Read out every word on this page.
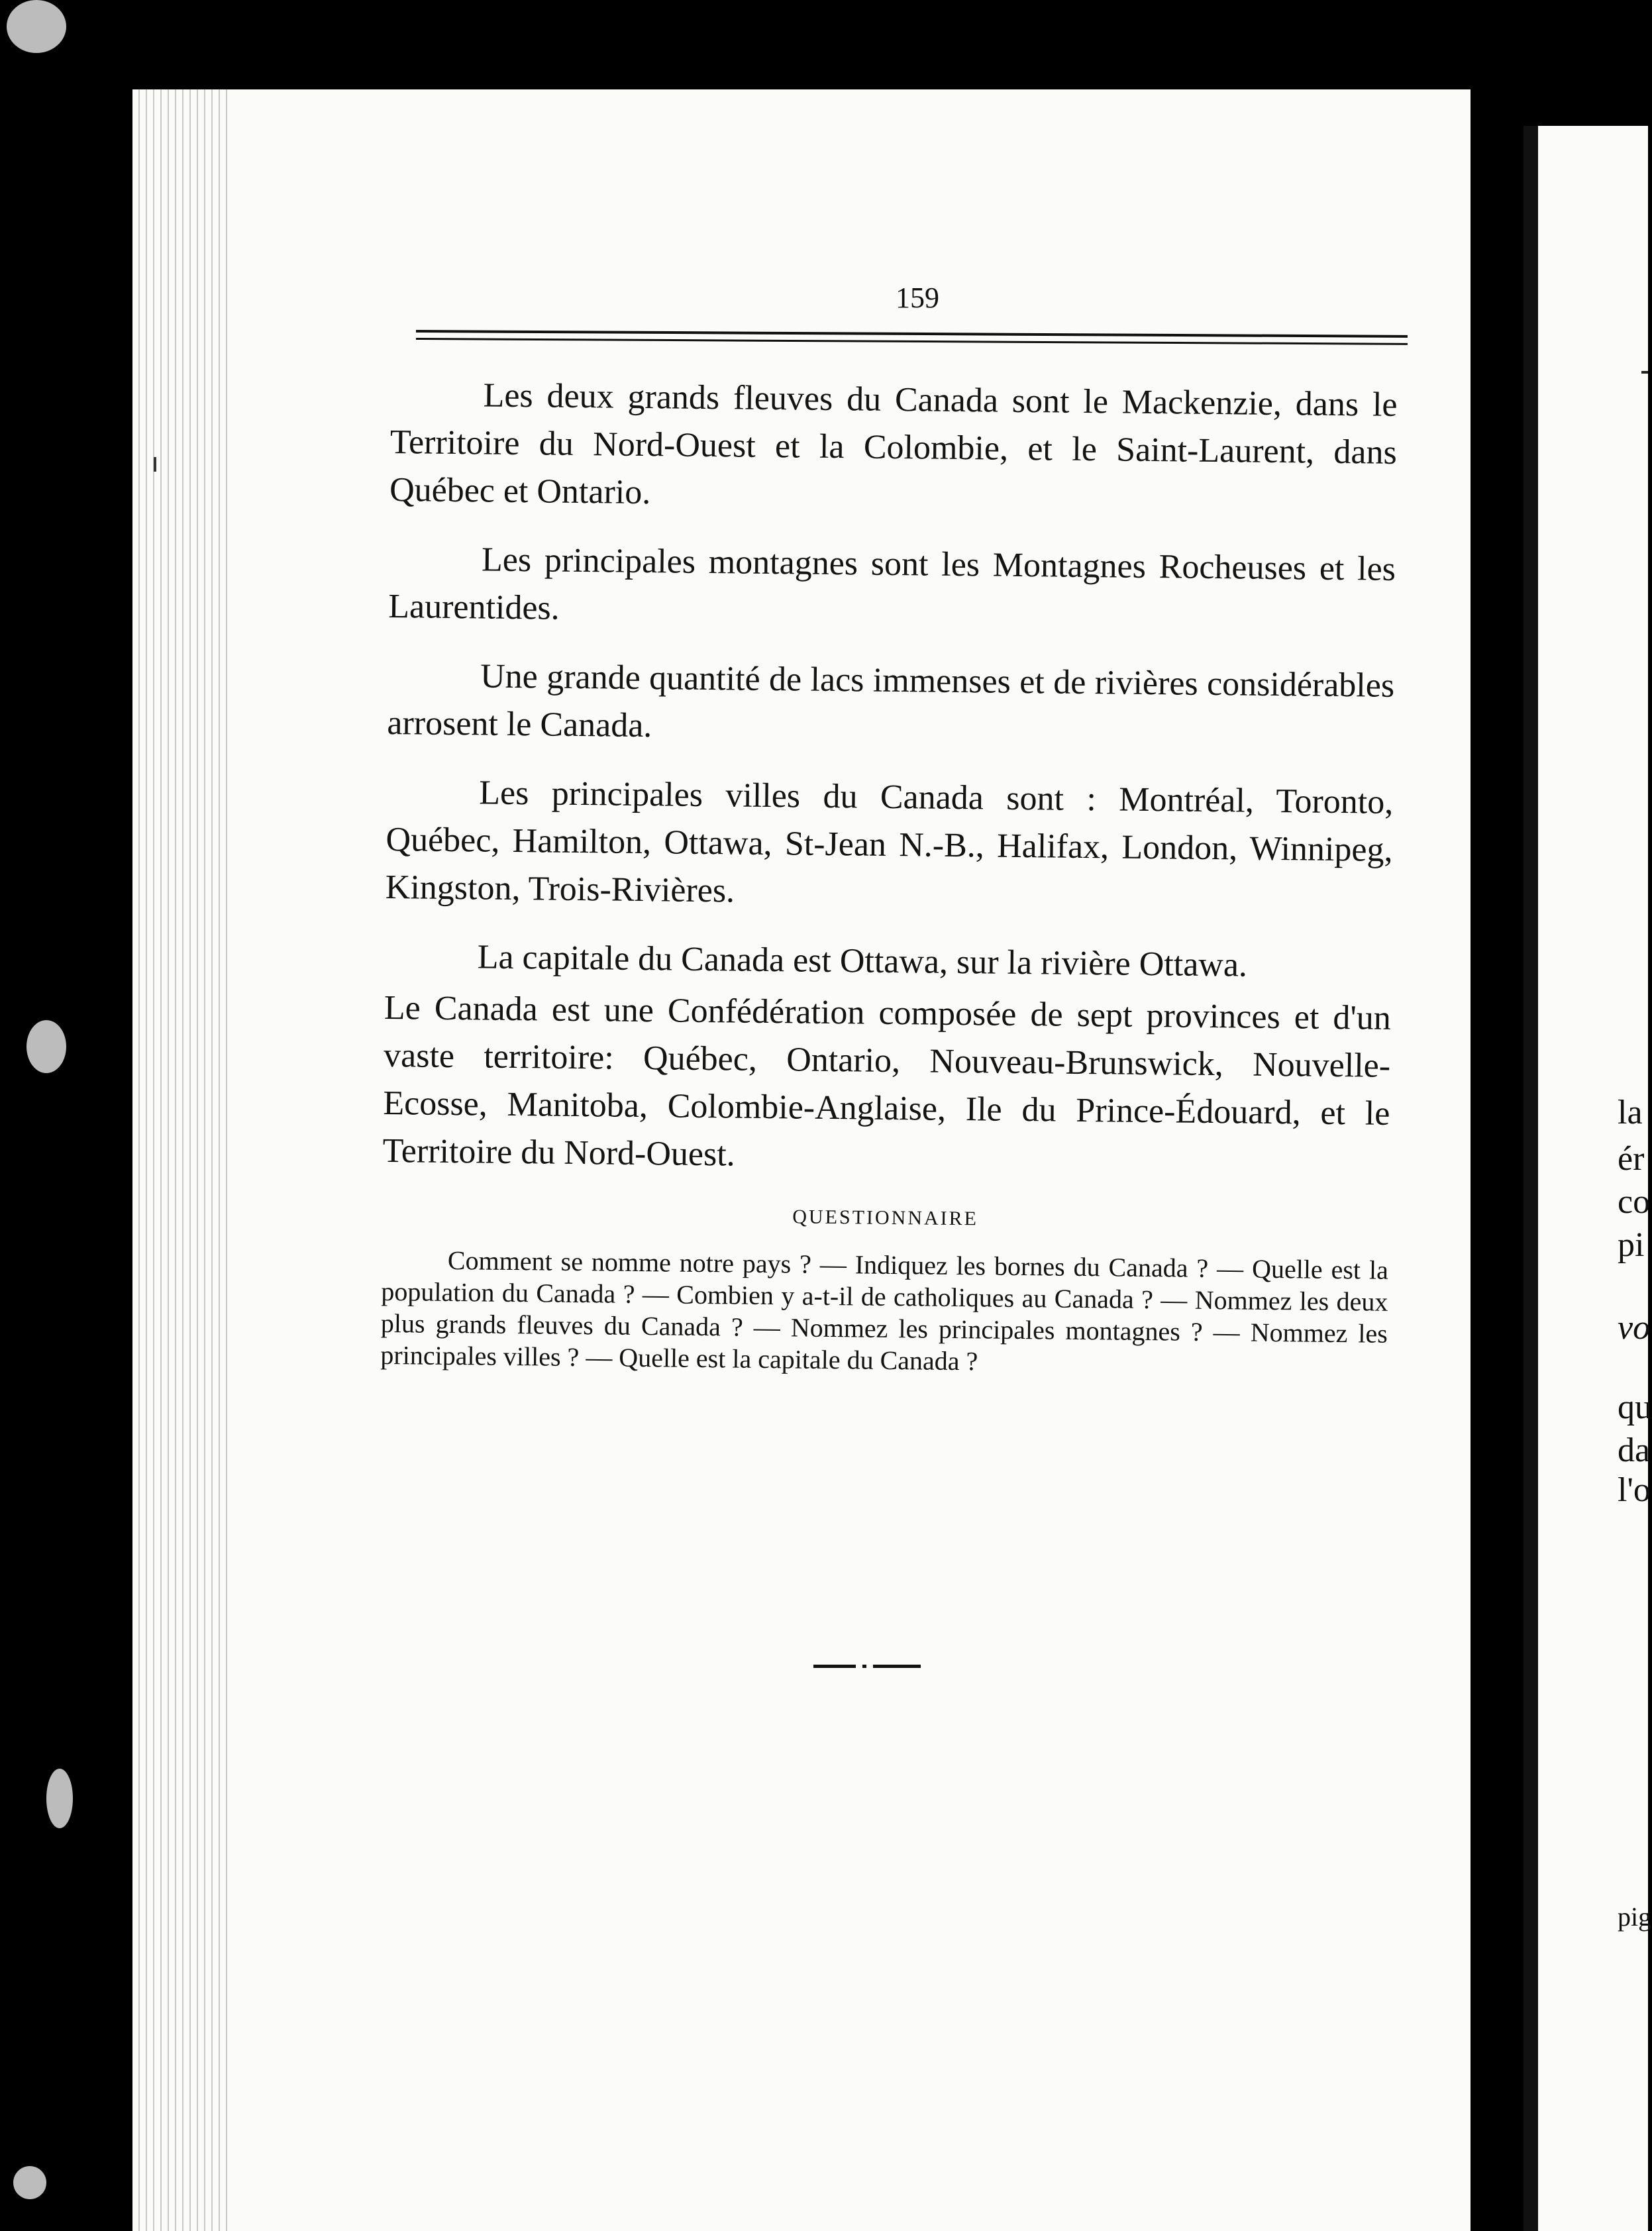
la
ér
co
pi
vo
qu
da
l'o
pig
159

Les deux grands fleuves du Canada sont le Mackenzie, dans le Territoire du Nord-Ouest et la Colombie, et le Saint-Laurent, dans Québec et Ontario.

Les principales montagnes sont les Montagnes Rocheuses et les Laurentides.

Une grande quantité de lacs immenses et de rivières considérables arrosent le Canada.

Les principales villes du Canada sont : Montréal, Toronto, Québec, Hamilton, Ottawa, St-Jean N.-B., Halifax, London, Winnipeg, Kingston, Trois-Rivières.

La capitale du Canada est Ottawa, sur la rivière Ottawa.

Le Canada est une Confédération composée de sept provinces et d'un vaste territoire: Québec, Ontario, Nouveau-Brunswick, Nouvelle-Ecosse, Manitoba, Colombie-Anglaise, Ile du Prince-Édouard, et le Territoire du Nord-Ouest.

QUESTIONNAIRE

Comment se nomme notre pays ? — Indiquez les bornes du Canada ? — Quelle est la population du Canada ? — Combien y a-t-il de catholiques au Canada ? — Nommez les deux plus grands fleuves du Canada ? — Nommez les principales montagnes ? — Nommez les principales villes ? — Quelle est la capitale du Canada ?
